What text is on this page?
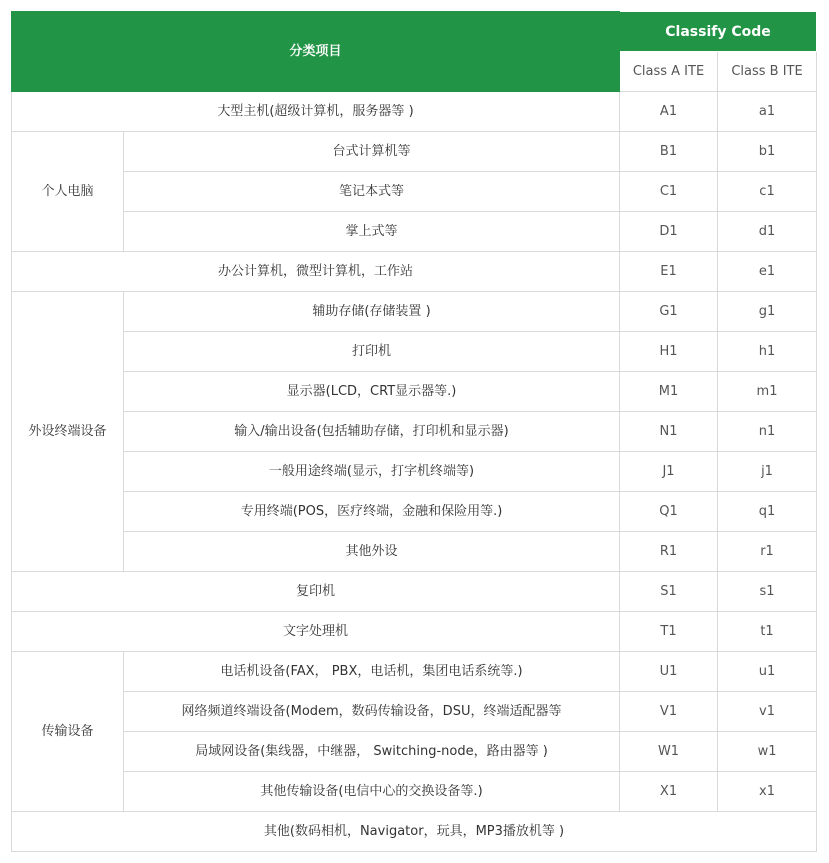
分类项目		Classify Code	
		Class A ITE	Class B ITE
大型主机(超级计算机，服务器等 )		A1	a1
个人电脑	台式计算机等	B1	b1
	笔记本式等	C1	c1
	掌上式等	D1	d1
办公计算机，微型计算机，工作站		E1	e1
外设终端设备	辅助存储(存储装置 )	G1	g1
	打印机	H1	h1
	显示器(LCD，CRT显示器等.)	M1	m1
	输入/输出设备(包括辅助存储，打印机和显示器)	N1	n1
	一般用途终端(显示，打字机终端等)	J1	j1
	专用终端(POS，医疗终端，金融和保险用等.)	Q1	q1
	其他外设	R1	r1
复印机		S1	s1
文字处理机		T1	t1
传输设备	电话机设备(FAX， PBX，电话机，集团电话系统等.)	U1	u1
	网络频道终端设备(Modem，数码传输设备，DSU，终端适配器等	V1	v1
	局域网设备(集线器，中继器， Switching-node，路由器等 )	W1	w1
	其他传输设备(电信中心的交换设备等.)	X1	x1
其他(数码相机，Navigator，玩具，MP3播放机等 )			
